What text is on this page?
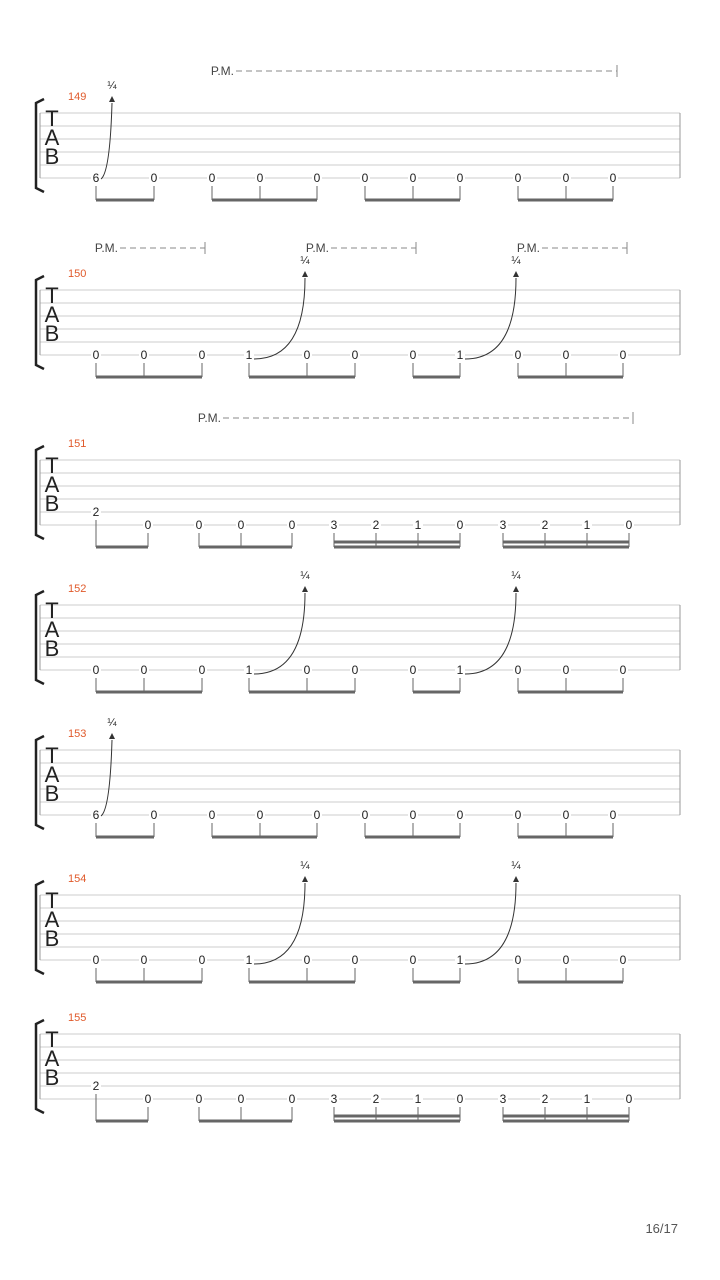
T
A
B
149
6
¼
0	0	0	0	0	0	0	0	0	0
P.M.
T
A
B
150
0	0	0	1
¼
0	0	0	1
¼
0	0	0
P.M.	P.M.	P.M.
T
A
B
151
2
0	0	0	0	3	2	1	0	3	2	1	0
P.M.
T
A
B
152
0	0	0	1
¼
0	0	0	1
¼
0	0	0
T
A
B
153
6
¼
0	0	0	0	0	0	0	0	0	0
T
A
B
154
0	0	0	1
¼
0	0	0	1
¼
0	0	0
T
A
B
155
2
0	0	0	0	3	2	1	0	3	2	1	0
16/17
